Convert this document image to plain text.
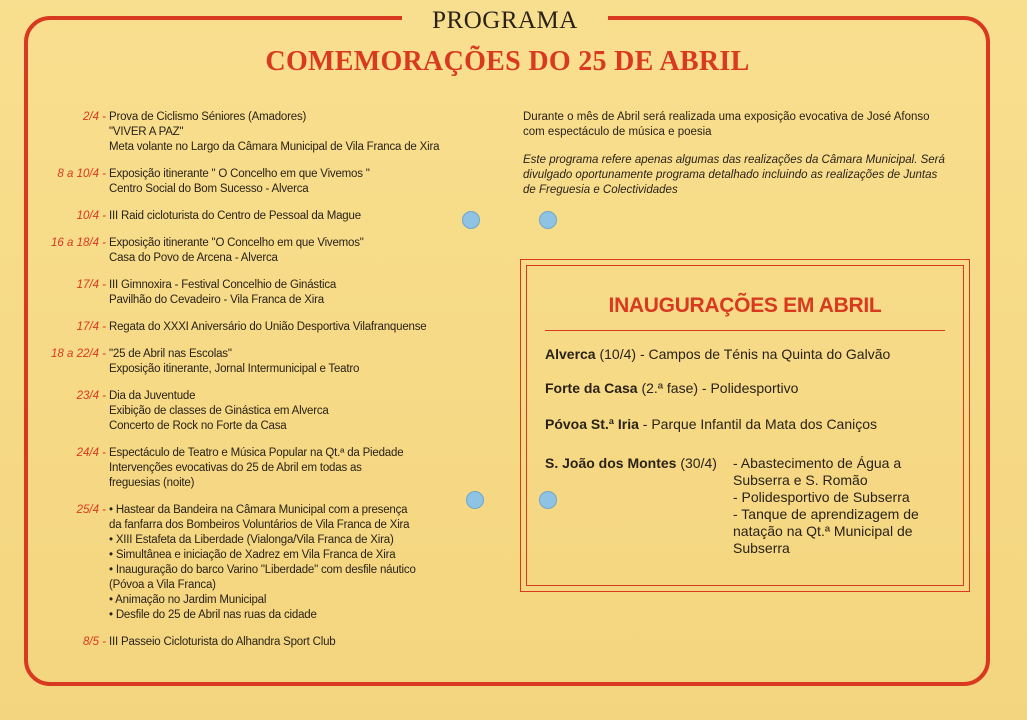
PROGRAMA
COMEMORAÇÕES DO 25 DE ABRIL
2/4 - Prova de Ciclismo Séniores (Amadores)
"VIVER A PAZ"
Meta volante no Largo da Câmara Municipal de Vila Franca de Xira
8 a 10/4 - Exposição itinerante " O Concelho em que Vivemos "
Centro Social do Bom Sucesso - Alverca
10/4 - III Raid cicloturista do Centro de Pessoal da Mague
16 a 18/4 - Exposição itinerante "O Concelho em que Vivemos"
Casa do Povo de Arcena - Alverca
17/4 - III Gimnoxira - Festival Concelhio de Ginástica
Pavilhão do Cevadeiro - Vila Franca de Xira
17/4 - Regata do XXXI Aniversário do União Desportiva Vilafranquense
18 a 22/4 - "25 de Abril nas Escolas"
Exposição itinerante, Jornal Intermunicipal e Teatro
23/4 - Dia da Juventude
Exibição de classes de Ginástica em Alverca
Concerto de Rock no Forte da Casa
24/4 - Espectáculo de Teatro e Música Popular na Qt.ª da Piedade
Intervenções evocativas do 25 de Abril em todas as
freguesias (noite)
25/4 - • Hastear da Bandeira na Câmara Municipal com a presença
da fanfarra dos Bombeiros Voluntários de Vila Franca de Xira
• XIII Estafeta da Liberdade (Vialonga/Vila Franca de Xira)
• Simultânea e iniciação de Xadrez em Vila Franca de Xira
• Inauguração do barco Varino "Liberdade" com desfile náutico
(Póvoa a Vila Franca)
• Animação no Jardim Municipal
• Desfile do 25 de Abril nas ruas da cidade
8/5 - III Passeio Cicloturista do Alhandra Sport Club
Durante o mês de Abril será realizada uma exposição evocativa de José Afonso
com espectáculo de música e poesia
Este programa refere apenas algumas das realizações da Câmara Municipal. Será
divulgado oportunamente programa detalhado incluindo as realizações de Juntas
de Freguesia e Colectividades
INAUGURAÇÕES EM ABRIL
Alverca (10/4) - Campos de Ténis na Quinta do Galvão
Forte da Casa (2.ª fase) - Polidesportivo
Póvoa St.ª Iria - Parque Infantil da Mata dos Caniços
S. João dos Montes (30/4) - Abastecimento de Água a
Subserra e S. Romão
- Polidesportivo de Subserra
- Tanque de aprendizagem de
natação na Qt.ª Municipal de
Subserra
